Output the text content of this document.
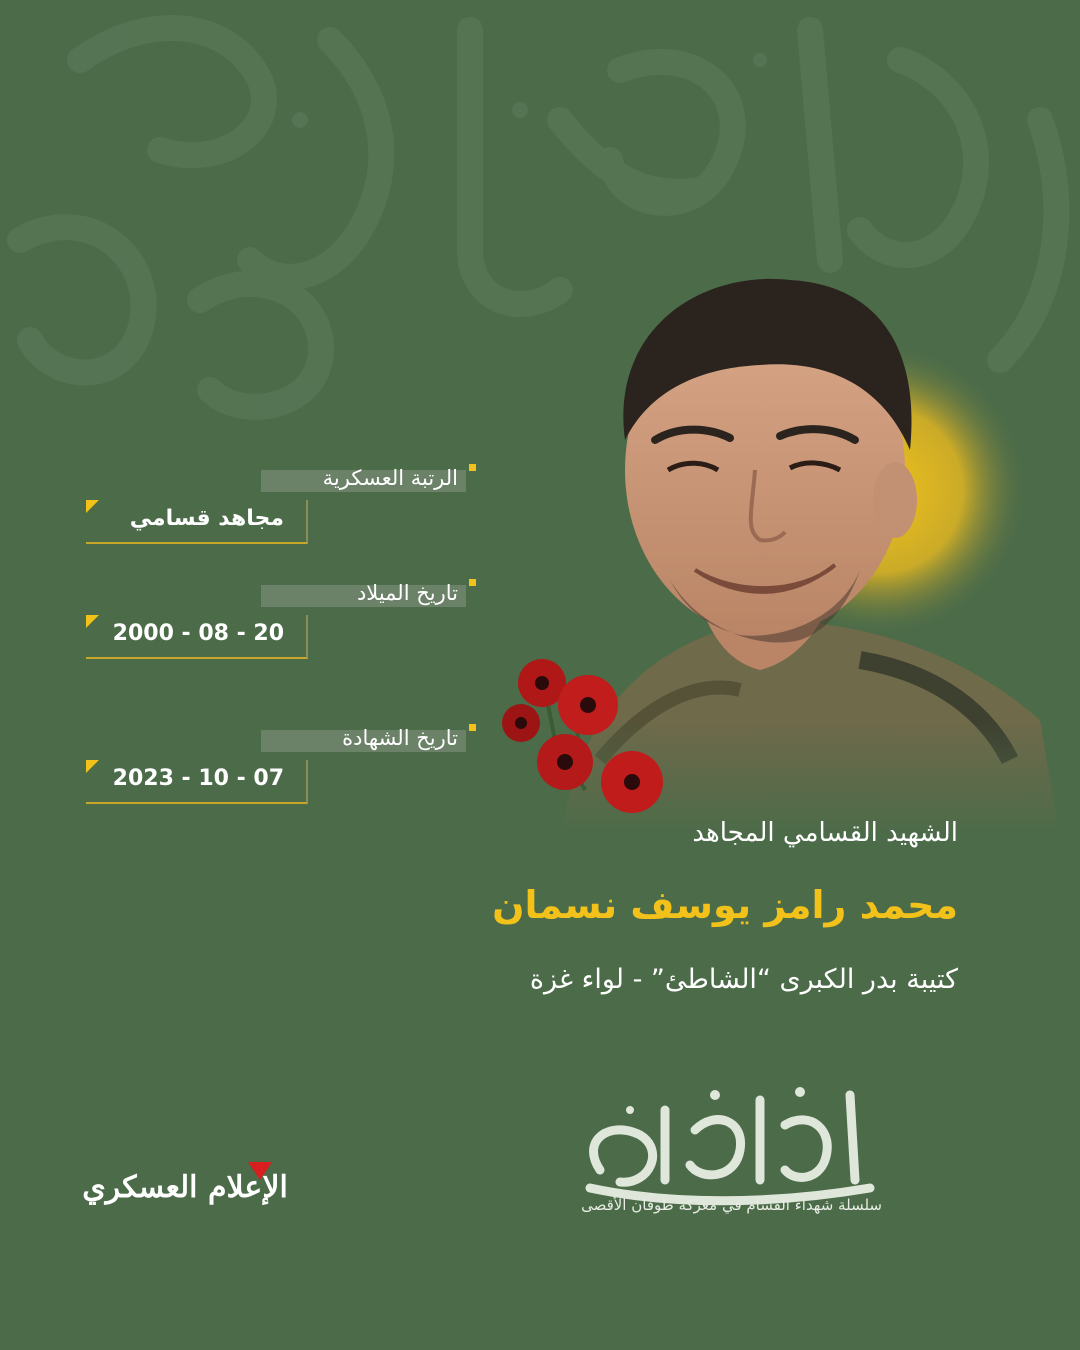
الرتبة العسكرية
مجاهد قسامي
تاريخ الميلاد
2000 - 08 - 20
تاريخ الشهادة
2023 - 10 - 07
الشهيد القسامي المجاهد
محمد رامز يوسف نسمان
كتيبة بدر الكبرى “الشاطئ” - لواء غزة
سلسلة شهداء القسام في معركة طوفان الأقصى
الإعلام العسكري
